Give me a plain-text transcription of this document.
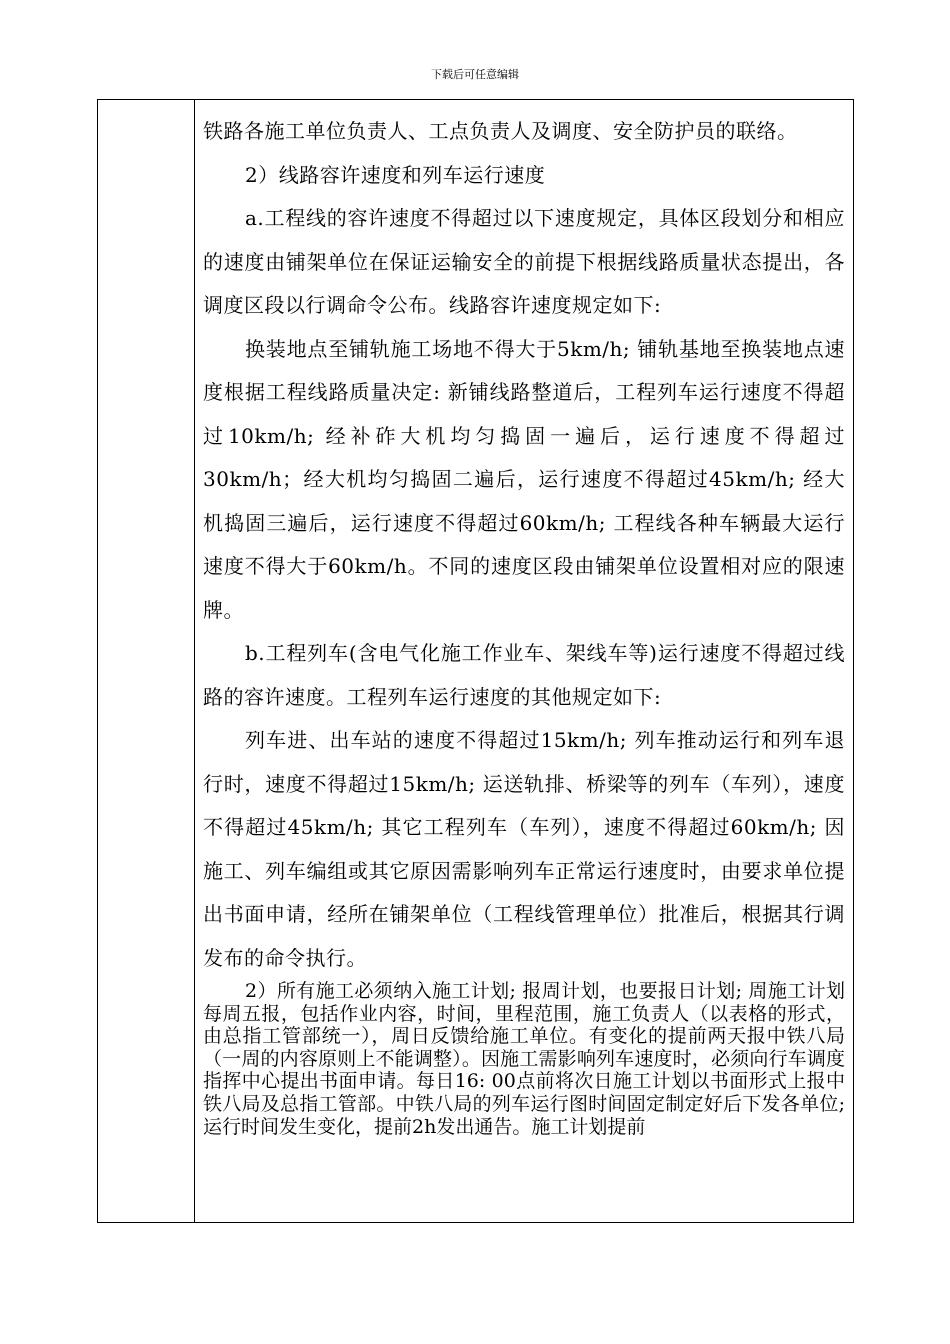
下载后可任意编辑

铁路各施工单位负责人、工点负责人及调度、安全防护员的联络。

2）线路容许速度和列车运行速度

a.工程线的容许速度不得超过以下速度规定，具体区段划分和相应的速度由铺架单位在保证运输安全的前提下根据线路质量状态提出，各调度区段以行调命令公布。线路容许速度规定如下:

换装地点至铺轨施工场地不得大于5km/h; 铺轨基地至换装地点速度根据工程线路质量决定: 新铺线路整道后，工程列车运行速度不得超过10km/h; 经补砟大机均匀捣固一遍后，运行速度不得超过30km/h；经大机均匀捣固二遍后，运行速度不得超过45km/h; 经大机捣固三遍后，运行速度不得超过60km/h; 工程线各种车辆最大运行速度不得大于60km/h。不同的速度区段由铺架单位设置相对应的限速牌。

b.工程列车(含电气化施工作业车、架线车等)运行速度不得超过线路的容许速度。工程列车运行速度的其他规定如下:

列车进、出车站的速度不得超过15km/h; 列车推动运行和列车退行时，速度不得超过15km/h; 运送轨排、桥梁等的列车（车列），速度不得超过45km/h; 其它工程列车（车列），速度不得超过60km/h; 因施工、列车编组或其它原因需影响列车正常运行速度时，由要求单位提出书面申请，经所在铺架单位（工程线管理单位）批准后，根据其行调发布的命令执行。

2）所有施工必须纳入施工计划; 报周计划，也要报日计划; 周施工计划每周五报，包括作业内容，时间，里程范围，施工负责人（以表格的形式，由总指工管部统一），周日反馈给施工单位。有变化的提前两天报中铁八局（一周的内容原则上不能调整）。因施工需影响列车速度时，必须向行车调度指挥中心提出书面申请。每日16: 00点前将次日施工计划以书面形式上报中铁八局及总指工管部。中铁八局的列车运行图时间固定制定好后下发各单位; 运行时间发生变化，提前2h发出通告。施工计划提前
